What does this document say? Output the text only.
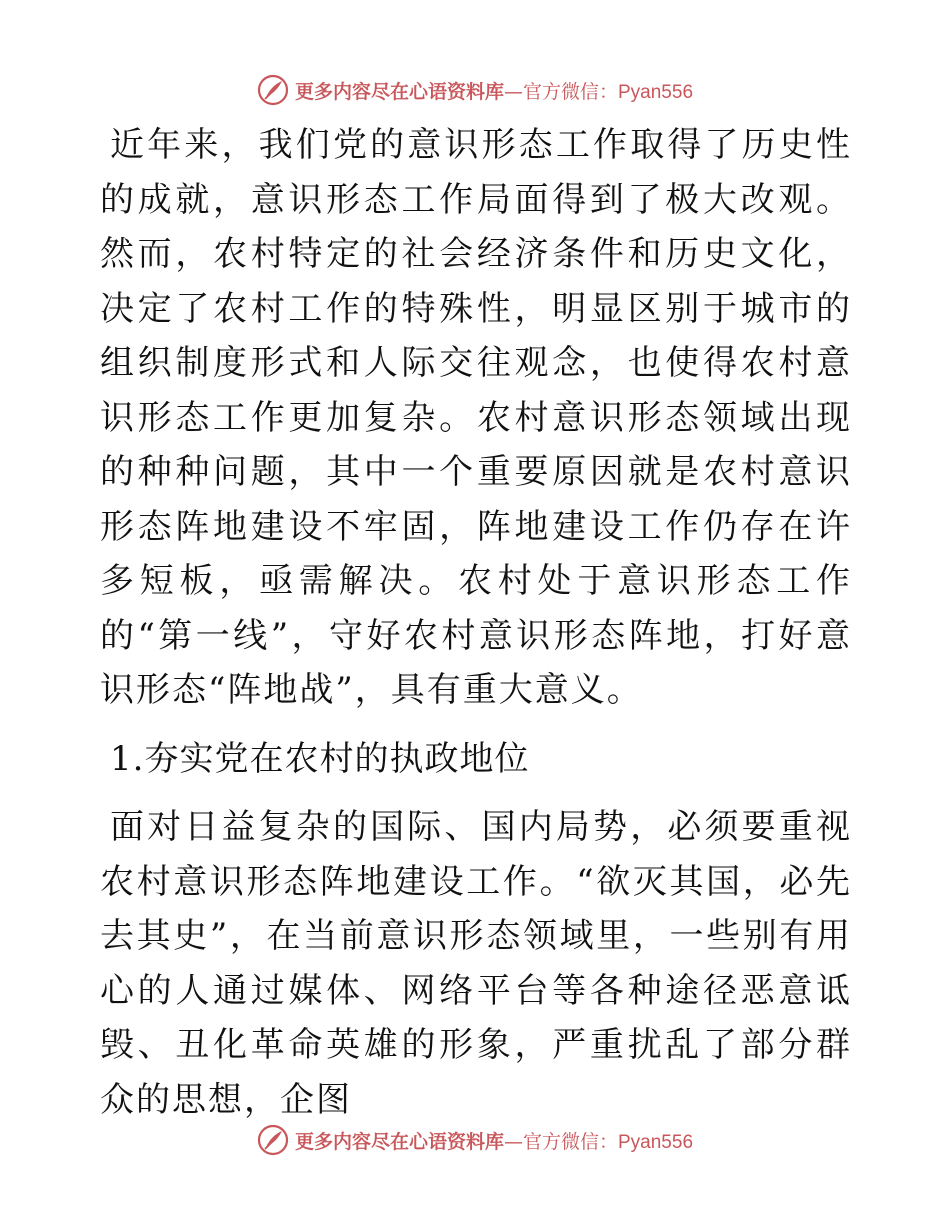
更多内容尽在心语资料库—官方微信：Pyan556

近年来，我们党的意识形态工作取得了历史性的成就，意识形态工作局面得到了极大改观。然而，农村特定的社会经济条件和历史文化，决定了农村工作的特殊性，明显区别于城市的组织制度形式和人际交往观念，也使得农村意识形态工作更加复杂。农村意识形态领域出现的种种问题，其中一个重要原因就是农村意识形态阵地建设不牢固，阵地建设工作仍存在许多短板，亟需解决。农村处于意识形态工作的“第一线”，守好农村意识形态阵地，打好意识形态“阵地战”，具有重大意义。

1.夯实党在农村的执政地位

面对日益复杂的国际、国内局势，必须要重视农村意识形态阵地建设工作。“欲灭其国，必先去其史”，在当前意识形态领域里，一些别有用心的人通过媒体、网络平台等各种途径恶意诋毁、丑化革命英雄的形象，严重扰乱了部分群众的思想，企图

更多内容尽在心语资料库—官方微信：Pyan556
